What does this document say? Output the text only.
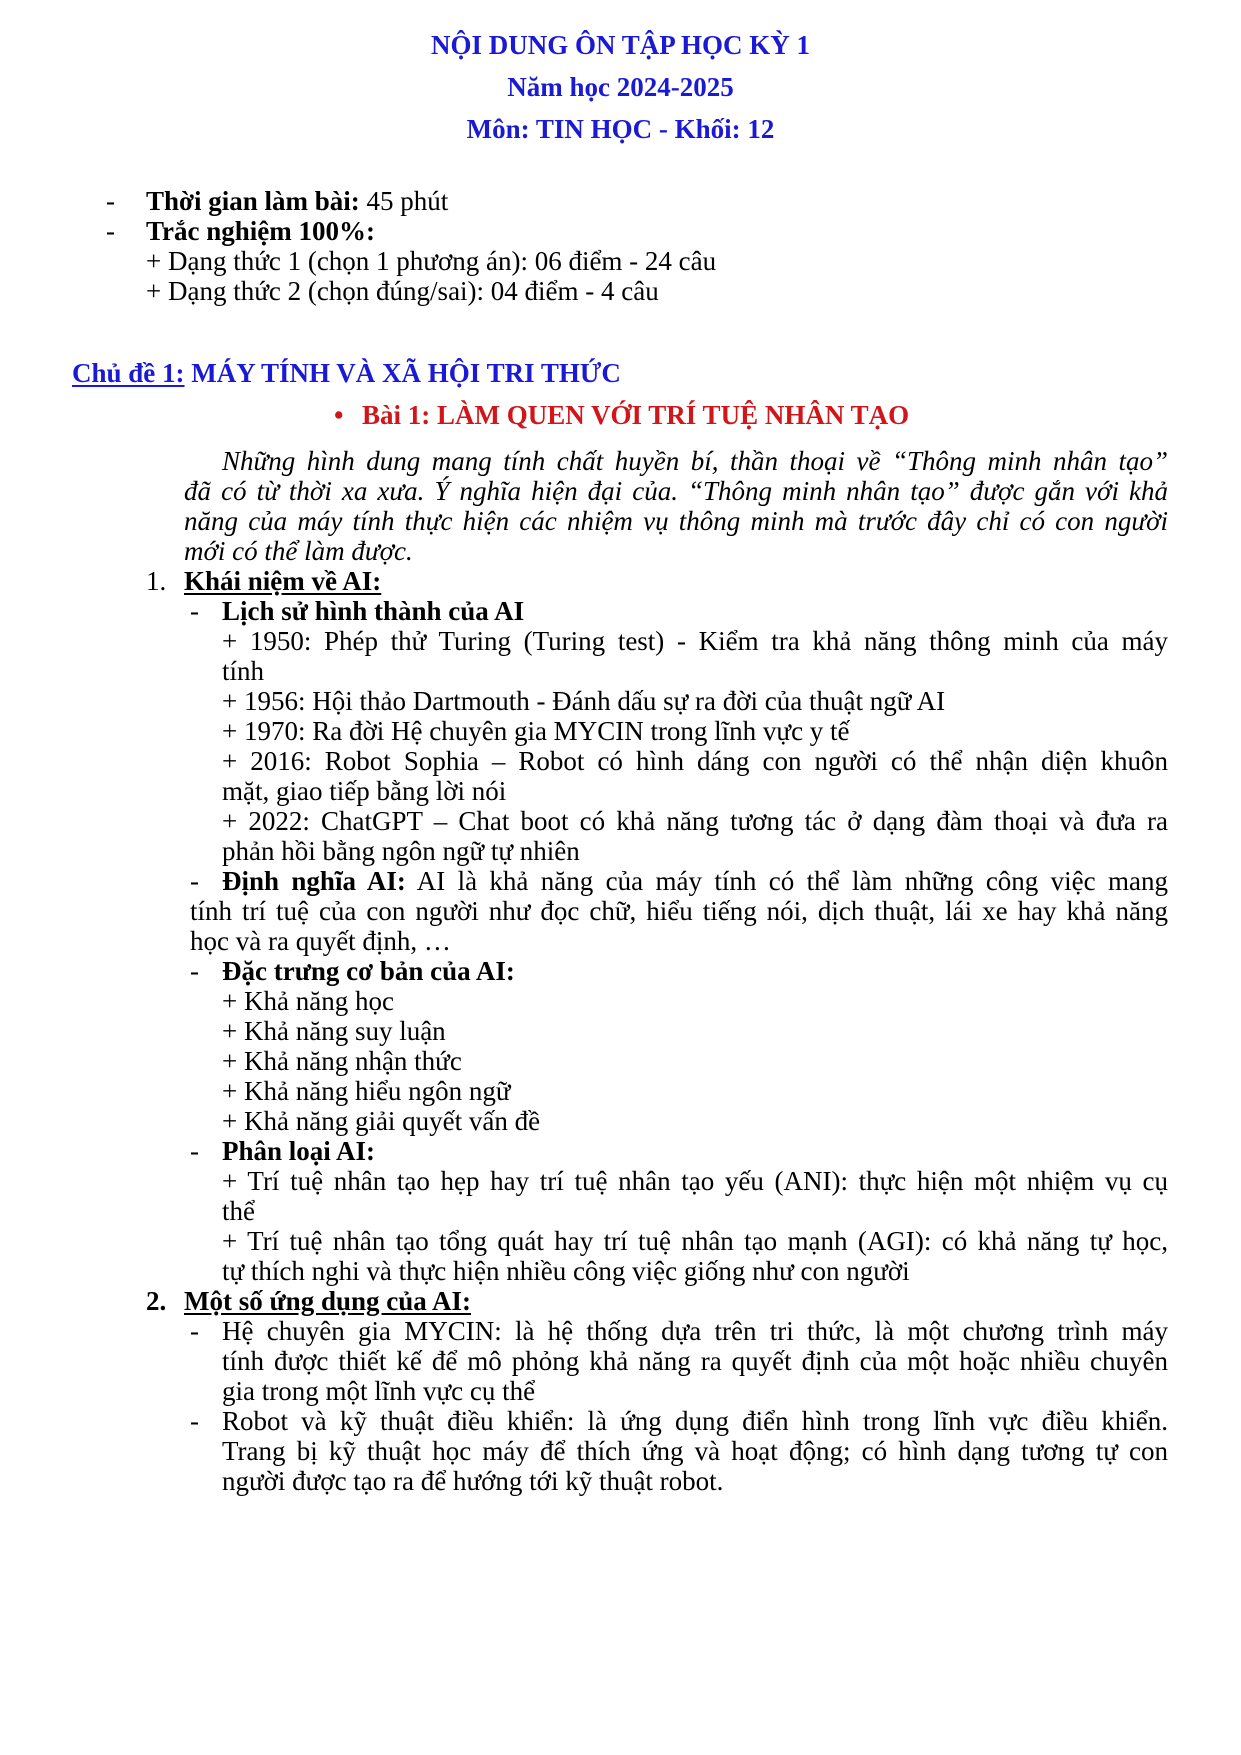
NỘI DUNG ÔN TẬP HỌC KỲ 1
Năm học 2024-2025
Môn: TIN HỌC - Khối: 12
- Thời gian làm bài: 45 phút
- Trắc nghiệm 100%:
+ Dạng thức 1 (chọn 1 phương án): 06 điểm - 24 câu
+ Dạng thức 2 (chọn đúng/sai): 04 điểm - 4 câu
Chủ đề 1: MÁY TÍNH VÀ XÃ HỘI TRI THỨC
• Bài 1: LÀM QUEN VỚI TRÍ TUỆ NHÂN TẠO
Những hình dung mang tính chất huyền bí, thần thoại về “Thông minh nhân tạo”
đã có từ thời xa xưa. Ý nghĩa hiện đại của. “Thông minh nhân tạo” được gắn với khả
năng của máy tính thực hiện các nhiệm vụ thông minh mà trước đây chỉ có con người
mới có thể làm được.
1. Khái niệm về AI:
- Lịch sử hình thành của AI
+ 1950: Phép thử Turing (Turing test) - Kiểm tra khả năng thông minh của máy
tính
+ 1956: Hội thảo Dartmouth - Đánh dấu sự ra đời của thuật ngữ AI
+ 1970: Ra đời Hệ chuyên gia MYCIN trong lĩnh vực y tế
+ 2016: Robot Sophia – Robot có hình dáng con người có thể nhận diện khuôn
mặt, giao tiếp bằng lời nói
+ 2022: ChatGPT – Chat boot có khả năng tương tác ở dạng đàm thoại và đưa ra
phản hồi bằng ngôn ngữ tự nhiên
- Định nghĩa AI: AI là khả năng của máy tính có thể làm những công việc mang
tính trí tuệ của con người như đọc chữ, hiểu tiếng nói, dịch thuật, lái xe hay khả năng
học và ra quyết định, …
- Đặc trưng cơ bản của AI:
+ Khả năng học
+ Khả năng suy luận
+ Khả năng nhận thức
+ Khả năng hiểu ngôn ngữ
+ Khả năng giải quyết vấn đề
- Phân loại AI:
+ Trí tuệ nhân tạo hẹp hay trí tuệ nhân tạo yếu (ANI): thực hiện một nhiệm vụ cụ
thể
+ Trí tuệ nhân tạo tổng quát hay trí tuệ nhân tạo mạnh (AGI): có khả năng tự học,
tự thích nghi và thực hiện nhiều công việc giống như con người
2. Một số ứng dụng của AI:
- Hệ chuyên gia MYCIN: là hệ thống dựa trên tri thức, là một chương trình máy
tính được thiết kế để mô phỏng khả năng ra quyết định của một hoặc nhiều chuyên
gia trong một lĩnh vực cụ thể
- Robot và kỹ thuật điều khiển: là ứng dụng điển hình trong lĩnh vực điều khiển.
Trang bị kỹ thuật học máy để thích ứng và hoạt động; có hình dạng tương tự con
người được tạo ra để hướng tới kỹ thuật robot.
